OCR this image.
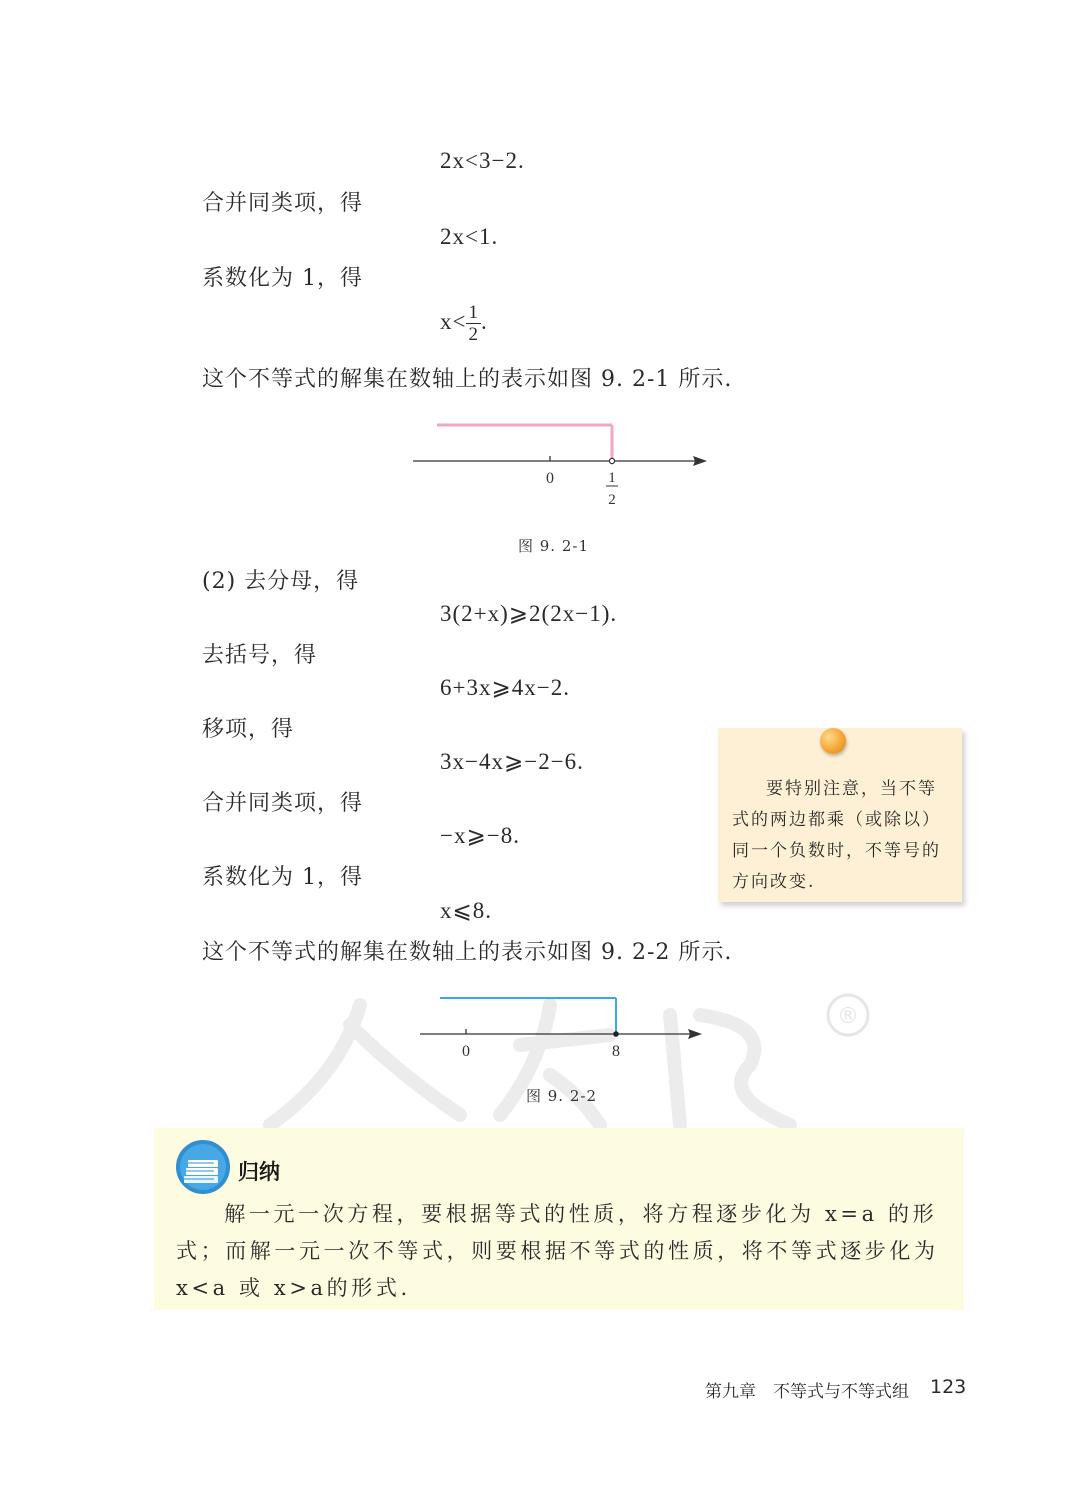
®
2x<3−2.
合并同类项，得
2x<1.
系数化为 1，得
$x< \frac{1}{2}$ .
这个不等式的解集在数轴上的表示如图 9. 2-1 所示.
0	1
2
图 9. 2-1
(2) 去分母，得
3(2+x)⩾2(2x−1).
去括号，得
6+3x⩾4x−2.
移项，得
3x−4x⩾−2−6.
合并同类项，得
−x⩾−8.
系数化为 1，得
x⩽8.
这个不等式的解集在数轴上的表示如图 9. 2-2 所示.
要特别注意，当不等式的两边都乘（或除以）同一个负数时，不等号的方向改变.
0	8
图 9. 2-2
归纳
解一元一次方程，要根据等式的性质，将方程逐步化为 x=a 的形式；而解一元一次不等式，则要根据不等式的性质，将不等式逐步化为 x<a 或 x>a的形式.
第九章　不等式与不等式组 123
